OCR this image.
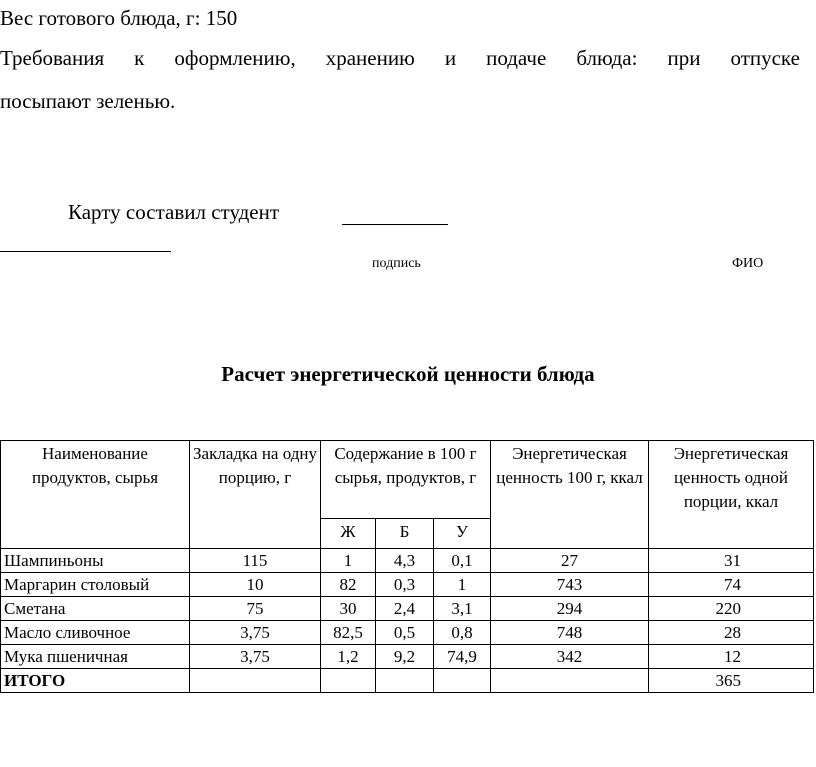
Вес готового блюда, г: 150
Требования к оформлению, хранению и подаче блюда: при отпуске
посыпают зеленью.
Карту составил студент
подпись	ФИО
Расчет энергетической ценности блюда
Наименование продуктов, сырья	Закладка на одну порцию, г	Содержание в 100 г сырья, продуктов, г			Энергетическая ценность 100 г, ккал	Энергетическая ценность одной порции, ккал
		Ж	Б	У		
Шампиньоны	115	1	4,3	0,1	27	31
Маргарин столовый	10	82	0,3	1	743	74
Сметана	75	30	2,4	3,1	294	220
Масло сливочное	3,75	82,5	0,5	0,8	748	28
Мука пшеничная	3,75	1,2	9,2	74,9	342	12
ИТОГО						365
